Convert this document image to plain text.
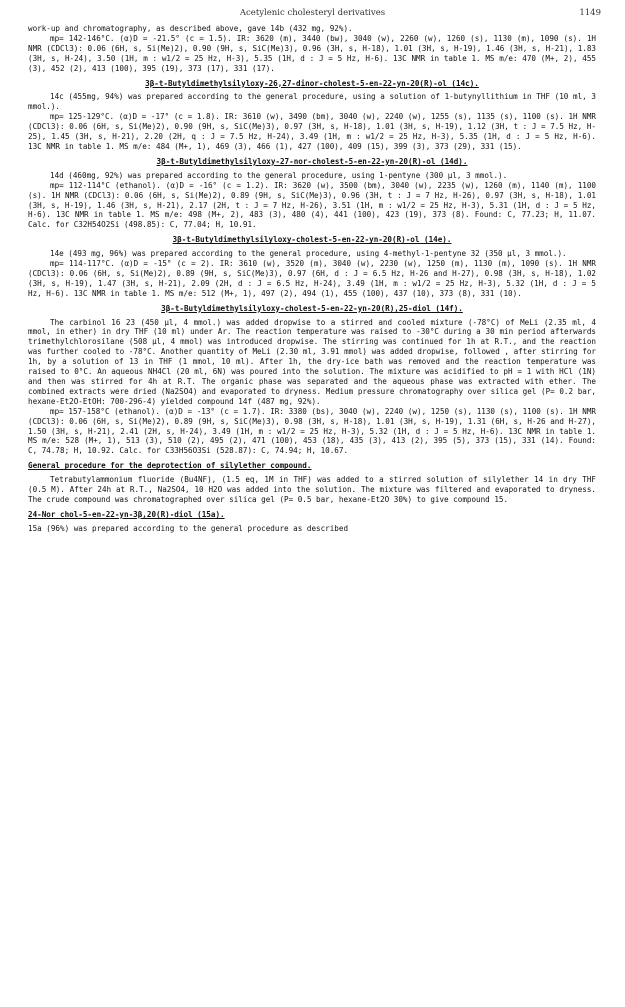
Acetylenic cholesteryl derivatives	1149

work-up and chromatography, as described above, gave 14b (432 mg, 92%).

mp= 142-146°C. (α)D = -21.5° (c = 1.5). IR: 3620 (m), 3440 (bw), 3040 (w), 2260 (w), 1260 (s), 1130 (m), 1090 (s). 1H NMR (CDCl3): 0.06 (6H, s, Si(Me)2), 0.90 (9H, s, SiC(Me)3), 0.96 (3H, s, H-18), 1.01 (3H, s, H-19), 1.46 (3H, s, H-21), 1.83 (3H, s, H-24), 3.50 (1H, m : w1/2 = 25 Hz, H-3), 5.35 (1H, d : J = 5 Hz, H-6). 13C NMR in table 1. MS m/e: 470 (M+, 2), 455 (3), 452 (2), 413 (100), 395 (19), 373 (17), 331 (17).

3β-t-Butyldimethylsilyloxy-26,27-dinor-cholest-5-en-22-yn-20(R)-ol (14c).

14c (455mg, 94%) was prepared according to the general procedure, using a solution of 1-butynyllithium in THF (10 ml, 3 mmol.).

mp= 125-129°C. (α)D = -17° (c = 1.8). IR: 3610 (w), 3490 (bm), 3040 (w), 2240 (w), 1255 (s), 1135 (s), 1100 (s). 1H NMR (CDCl3): 0.06 (6H, s, Si(Me)2), 0.90 (9H, s, SiC(Me)3), 0.97 (3H, s, H-18), 1.01 (3H, s, H-19), 1.12 (3H, t : J = 7.5 Hz, H-25), 1.45 (3H, s, H-21), 2.20 (2H, q : J = 7.5 Hz, H-24), 3.49 (1H, m : w1/2 = 25 Hz, H-3), 5.35 (1H, d : J = 5 Hz, H-6). 13C NMR in table 1. MS m/e: 484 (M+, 1), 469 (3), 466 (1), 427 (100), 409 (15), 399 (3), 373 (29), 331 (15).

3β-t-Butyldimethylsilyloxy-27-nor-cholest-5-en-22-yn-20(R)-ol (14d).

14d (460mg, 92%) was prepared according to the general procedure, using 1-pentyne (300 µl, 3 mmol.).

mp= 112-114°C (ethanol). (α)D = -16° (c = 1.2). IR: 3620 (w), 3500 (bm), 3040 (w), 2235 (w), 1260 (m), 1140 (m), 1100 (s). 1H NMR (CDCl3): 0.06 (6H, s, Si(Me)2), 0.89 (9H, s, SiC(Me)3), 0.96 (3H, t : J = 7 Hz, H-26), 0.97 (3H, s, H-18), 1.01 (3H, s, H-19), 1.46 (3H, s, H-21), 2.17 (2H, t : J = 7 Hz, H-26), 3.51 (1H, m : w1/2 = 25 Hz, H-3), 5.31 (1H, d : J = 5 Hz, H-6). 13C NMR in table 1. MS m/e: 498 (M+, 2), 483 (3), 480 (4), 441 (100), 423 (19), 373 (8). Found: C, 77.23; H, 11.07. Calc. for C32H54O2Si (498.85): C, 77.04; H, 10.91.

3β-t-Butyldimethylsilyloxy-cholest-5-en-22-yn-20(R)-ol (14e).

14e (493 mg, 96%) was prepared according to the general procedure, using 4-methyl-1-pentyne 32 (350 µl, 3 mmol.).

mp= 114-117°C. (α)D = -15° (c = 2). IR: 3610 (w), 3520 (m), 3040 (w), 2230 (w), 1250 (m), 1130 (m), 1090 (s). 1H NMR (CDCl3): 0.06 (6H, s, Si(Me)2), 0.89 (9H, s, SiC(Me)3), 0.97 (6H, d : J = 6.5 Hz, H-26 and H-27), 0.98 (3H, s, H-18), 1.02 (3H, s, H-19), 1.47 (3H, s, H-21), 2.09 (2H, d : J = 6.5 Hz, H-24), 3.49 (1H, m : w1/2 = 25 Hz, H-3), 5.32 (1H, d : J = 5 Hz, H-6). 13C NMR in table 1. MS m/e: 512 (M+, 1), 497 (2), 494 (1), 455 (100), 437 (10), 373 (8), 331 (10).

3β-t-Butyldimethylsilyloxy-cholest-5-en-22-yn-20(R),25-diol (14f).

The carbinol 16 23 (450 µl, 4 mmol.) was added dropwise to a stirred and cooled mixture (-78°C) of MeLi (2.35 ml, 4 mmol, in ether) in dry THF (10 ml) under Ar. The reaction temperature was raised to -30°C during a 30 min period afterwards trimethylchlorosilane (508 µl, 4 mmol) was introduced dropwise. The stirring was continued for 1h at R.T., and the reaction was further cooled to -78°C. Another quantity of MeLi (2.30 ml, 3.91 mmol) was added dropwise, followed , after stirring for 1h, by a solution of 13 in THF (1 mmol, 10 ml). After 1h, the dry-ice bath was removed and the reaction temperature was raised to 0°C. An aqueous NH4Cl (20 ml, 6N) was poured into the solution. The mixture was acidified to pH = 1 with HCl (1N) and then was stirred for 4h at R.T. The organic phase was separated and the aqueous phase was extracted with ether. The combined extracts were dried (Na2SO4) and evaporated to dryness. Medium pressure chromatography over silica gel (P= 0.2 bar, hexane-Et2O-EtOH: 700-296-4) yielded compound 14f (487 mg, 92%).

mp= 157-158°C (ethanol). (α)D = -13° (c = 1.7). IR: 3380 (bs), 3040 (w), 2240 (w), 1250 (s), 1130 (s), 1100 (s). 1H NMR (CDCl3): 0.06 (6H, s, Si(Me)2), 0.89 (9H, s, SiC(Me)3), 0.98 (3H, s, H-18), 1.01 (3H, s, H-19), 1.31 (6H, s, H-26 and H-27), 1.50 (3H, s, H-21), 2.41 (2H, s, H-24), 3.49 (1H, m : w1/2 = 25 Hz, H-3), 5.32 (1H, d : J = 5 Hz, H-6). 13C NMR in table 1. MS m/e: 528 (M+, 1), 513 (3), 510 (2), 495 (2), 471 (100), 453 (18), 435 (3), 413 (2), 395 (5), 373 (15), 331 (14). Found: C, 74.78; H, 10.92. Calc. for C33H56O3Si (528.87): C, 74.94; H, 10.67.

General procedure for the deprotection of silylether compound.

Tetrabutylammonium fluoride (Bu4NF), (1.5 eq, 1M in THF) was added to a stirred solution of silylether 14 in dry THF (0.5 M). After 24h at R.T., Na2SO4, 10 H2O was added into the solution. The mixture was filtered and evaporated to dryness. The crude compound was chromatographed over silica gel (P= 0.5 bar, hexane-Et2O 30%) to give compound 15.

24-Nor chol-5-en-22-yn-3β,20(R)-diol (15a).

15a (96%) was prepared according to the general procedure as described
